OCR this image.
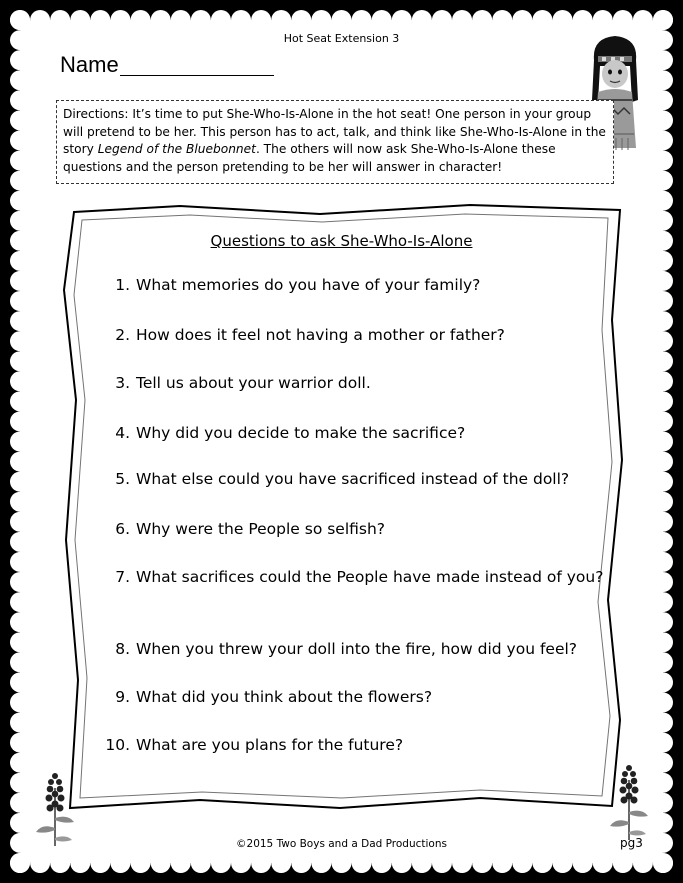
Hot Seat Extension 3
Name
Directions: It’s time to put She-Who-Is-Alone in the hot seat! One person in your group will pretend to be her. This person has to act, talk, and think like She-Who-Is-Alone in the story Legend of the Bluebonnet. The others will now ask She-Who-Is-Alone these questions and the person pretending to be her will answer in character!
Questions to ask She-Who-Is-Alone
1. What memories do you have of your family?
2. How does it feel not having a mother or father?
3. Tell us about your warrior doll.
4. Why did you decide to make the sacrifice?
5. What else could you have sacrificed instead of the doll?
6. Why were the People so selfish?
7. What sacrifices could the People have made instead of you?
8. When you threw your doll into the fire, how did you feel?
9. What did you think about the flowers?
10. What are you plans for the future?
©2015 Two Boys and a Dad Productions	pg3
